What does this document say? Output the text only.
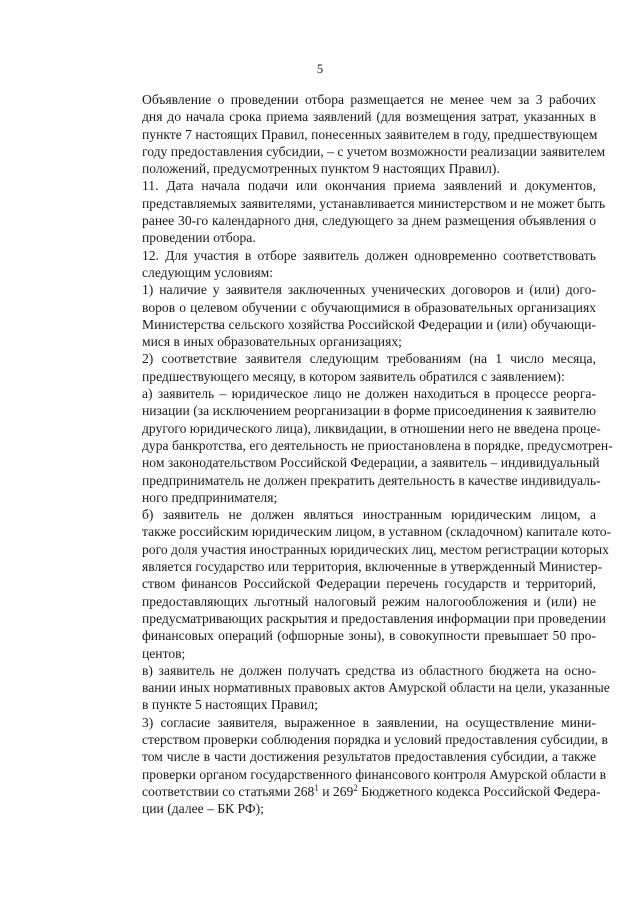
5

Объявление о проведении отбора размещается не менее чем за 3 рабочих
дня до начала срока приема заявлений (для возмещения затрат, указанных в
пункте 7 настоящих Правил, понесенных заявителем в году, предшествующем
году предоставления субсидии, – с учетом возможности реализации заявителем
положений, предусмотренных пунктом 9 настоящих Правил).

11. Дата начала подачи или окончания приема заявлений и документов,
представляемых заявителями, устанавливается министерством и не может быть
ранее 30-го календарного дня, следующего за днем размещения объявления о
проведении отбора.

12. Для участия в отборе заявитель должен одновременно соответствовать
следующим условиям:

1) наличие у заявителя заключенных ученических договоров и (или) дого-
воров о целевом обучении с обучающимися в образовательных организациях
Министерства сельского хозяйства Российской Федерации и (или) обучающи-
мися в иных образовательных организациях;

2) соответствие заявителя следующим требованиям (на 1 число месяца,
предшествующего месяцу, в котором заявитель обратился с заявлением):

а) заявитель – юридическое лицо не должен находиться в процессе реорга-
низации (за исключением реорганизации в форме присоединения к заявителю
другого юридического лица), ликвидации, в отношении него не введена проце-
дура банкротства, его деятельность не приостановлена в порядке, предусмотрен-
ном законодательством Российской Федерации, а заявитель – индивидуальный
предприниматель не должен прекратить деятельность в качестве индивидуаль-
ного предпринимателя;

б) заявитель не должен являться иностранным юридическим лицом, а
также российским юридическим лицом, в уставном (складочном) капитале кото-
рого доля участия иностранных юридических лиц, местом регистрации которых
является государство или территория, включенные в утвержденный Министер-
ством финансов Российской Федерации перечень государств и территорий,
предоставляющих льготный налоговый режим налогообложения и (или) не
предусматривающих раскрытия и предоставления информации при проведении
финансовых операций (офшорные зоны), в совокупности превышает 50 про-
центов;

в) заявитель не должен получать средства из областного бюджета на осно-
вании иных нормативных правовых актов Амурской области на цели, указанные
в пункте 5 настоящих Правил;

3) согласие заявителя, выраженное в заявлении, на осуществление мини-
стерством проверки соблюдения порядка и условий предоставления субсидии, в
том числе в части достижения результатов предоставления субсидии, а также
проверки органом государственного финансового контроля Амурской области в
соответствии со статьями $268^1$ и $269^2$ Бюджетного кодекса Российской Федера-
ции (далее – БК РФ);
